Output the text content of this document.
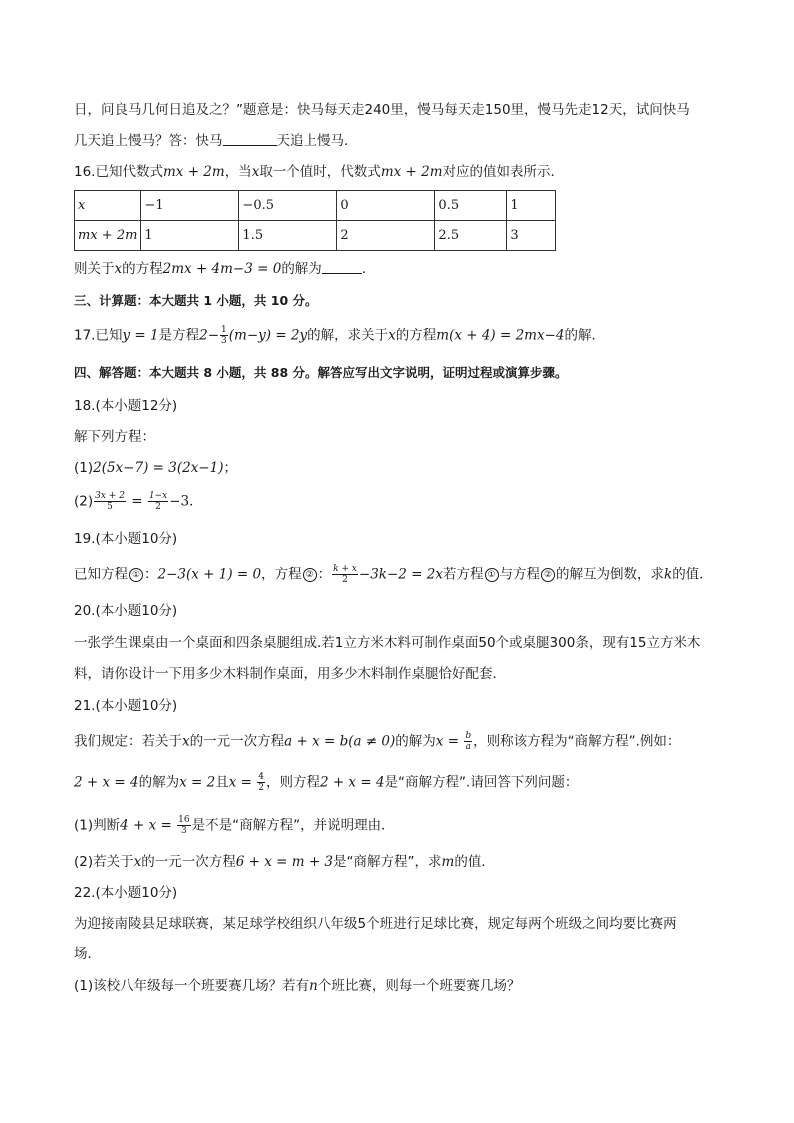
日，问良马几何日追及之？”题意是：快马每天走240里，慢马每天走150里，慢马先走12天，试问快马
几天追上慢马？答：快马	天追上慢马．
16.已知代数式mx + 2m，当x取一个值时，代数式mx + 2m对应的值如表所示．
x	−1	−0.5	0	0.5	1
mx + 2m	1	1.5	2	2.5	3
则关于x的方程2mx + 4m−3 = 0的解为	．
三、计算题：本大题共 1 小题，共 10 分。
17.已知y = 1是方程$2- \frac{1}{3} (m-y) = 2y$的解，求关于x的方程m(x + 4) = 2mx−4的解．
四、解答题：本大题共 8 小题，共 88 分。解答应写出文字说明，证明过程或演算步骤。
18.(本小题12分)
解下列方程：
(1)2(5x−7) = 3(2x−1)；
$(2) \frac{3x + 2}{5} = \frac{1-x}{2} -3$．
19.(本小题10分)
已知方程 ① ：2−3(x + 1) = 0，方程 ② ： $\frac{k + x}{2} -3k-2 = 2x$若方程 ① 与方程 ② 的解互为倒数，求k的值．
20.(本小题10分)
一张学生课桌由一个桌面和四条桌腿组成.若1立方米木料可制作桌面50个或桌腿300条，现有15立方米木
料，请你设计一下用多少木料制作桌面，用多少木料制作桌腿恰好配套．
21.(本小题10分)
我们规定：若关于x的一元一次方程a + x = b(a ≠ 0)的解为$x = \frac{b}{a}$ ，则称该方程为“商解方程”.例如：
2 + x = 4的解为x = 2且$x = \frac{4}{2}$ ，则方程2 + x = 4是“商解方程”.请回答下列问题：
(1)判断$4 + x = \frac{16}{3}$ 是不是“商解方程”，并说明理由．
(2)若关于x的一元一次方程6 + x = m + 3是“商解方程”，求m的值．
22.(本小题10分)
为迎接南陵县足球联赛，某足球学校组织八年级5个班进行足球比赛，规定每两个班级之间均要比赛两
场．
(1)该校八年级每一个班要赛几场？若有n个班比赛，则每一个班要赛几场？
